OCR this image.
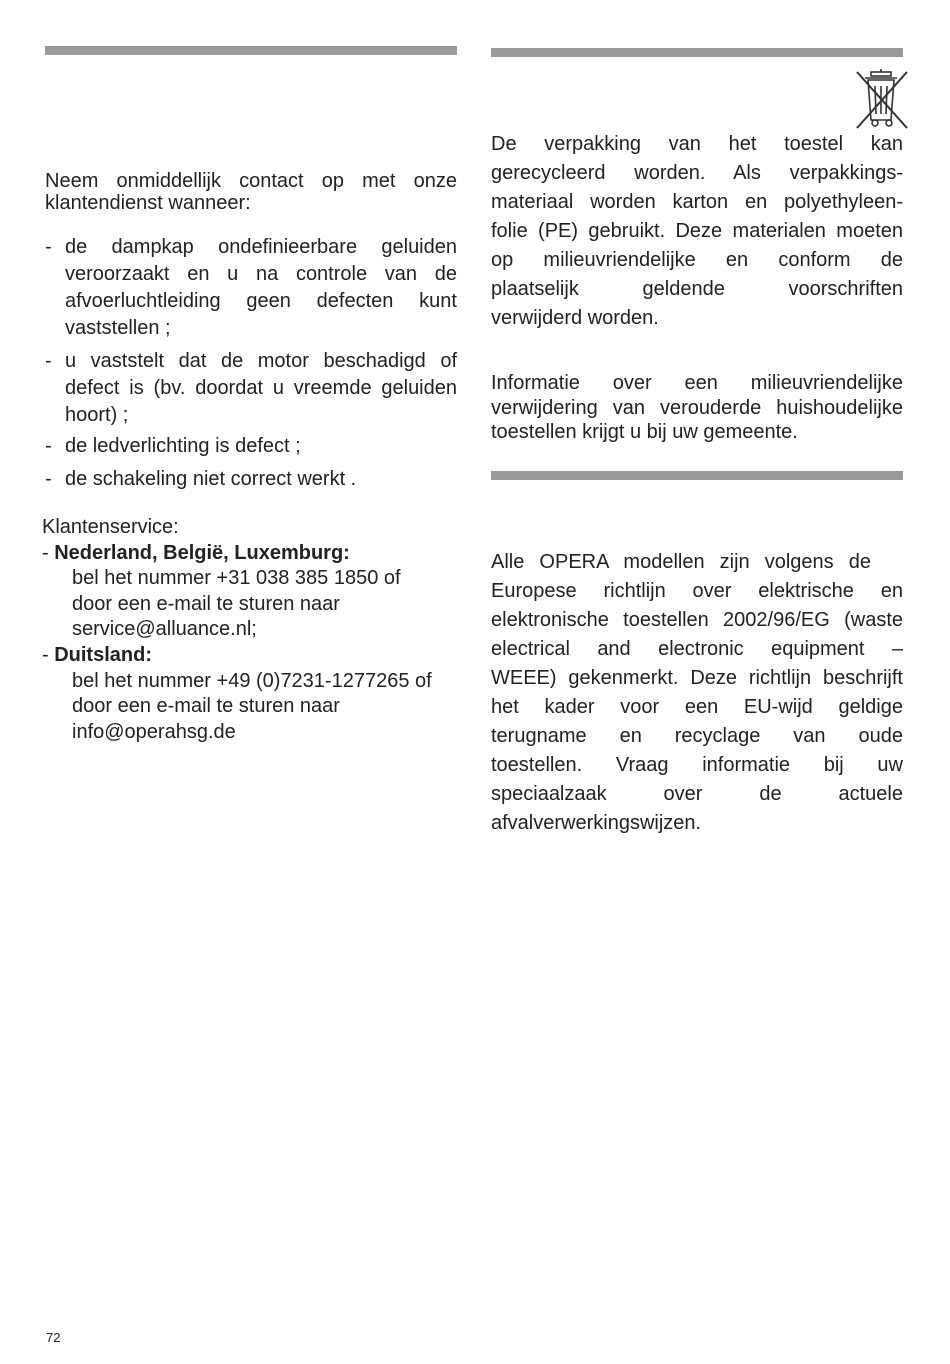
Neem onmiddellijk contact op met onze klantendienst wanneer:

- de dampkap ondefinieerbare geluiden veroorzaakt en u na controle van de afvoerluchtleiding geen defecten kunt vaststellen ;
- u vaststelt dat de motor beschadigd of defect is (bv. doordat u vreemde geluiden hoort) ;
- de ledverlichting is defect ;
- de schakeling niet correct werkt .
Klantenservice:
- Nederland, België, Luxemburg:
bel het nummer +31 038 385 1850 of
door een e-mail te sturen naar
service@alluance.nl;
- Duitsland:
bel het nummer +49 (0)7231-1277265 of
door een e-mail te sturen naar
info@operahsg.de
De verpakking van het toestel kan
gerecycleerd worden. Als verpakkings-
materiaal worden karton en polyethyleen-
folie (PE) gebruikt. Deze materialen moeten
op milieuvriendelijke en conform de
plaatselijk geldende voorschriften
verwijderd worden.
Informatie over een milieuvriendelijke
verwijdering van verouderde huishoudelijke
toestellen krijgt u bij uw gemeente.
Alle OPERA modellen zijn volgens de
Europese richtlijn over elektrische en
elektronische toestellen 2002/96/EG (waste
electrical and electronic equipment –
WEEE) gekenmerkt. Deze richtlijn beschrijft
het kader voor een EU-wijd geldige
terugname en recyclage van oude
toestellen. Vraag informatie bij uw
speciaalzaak over de actuele
afvalverwerkingswijzen.
72
